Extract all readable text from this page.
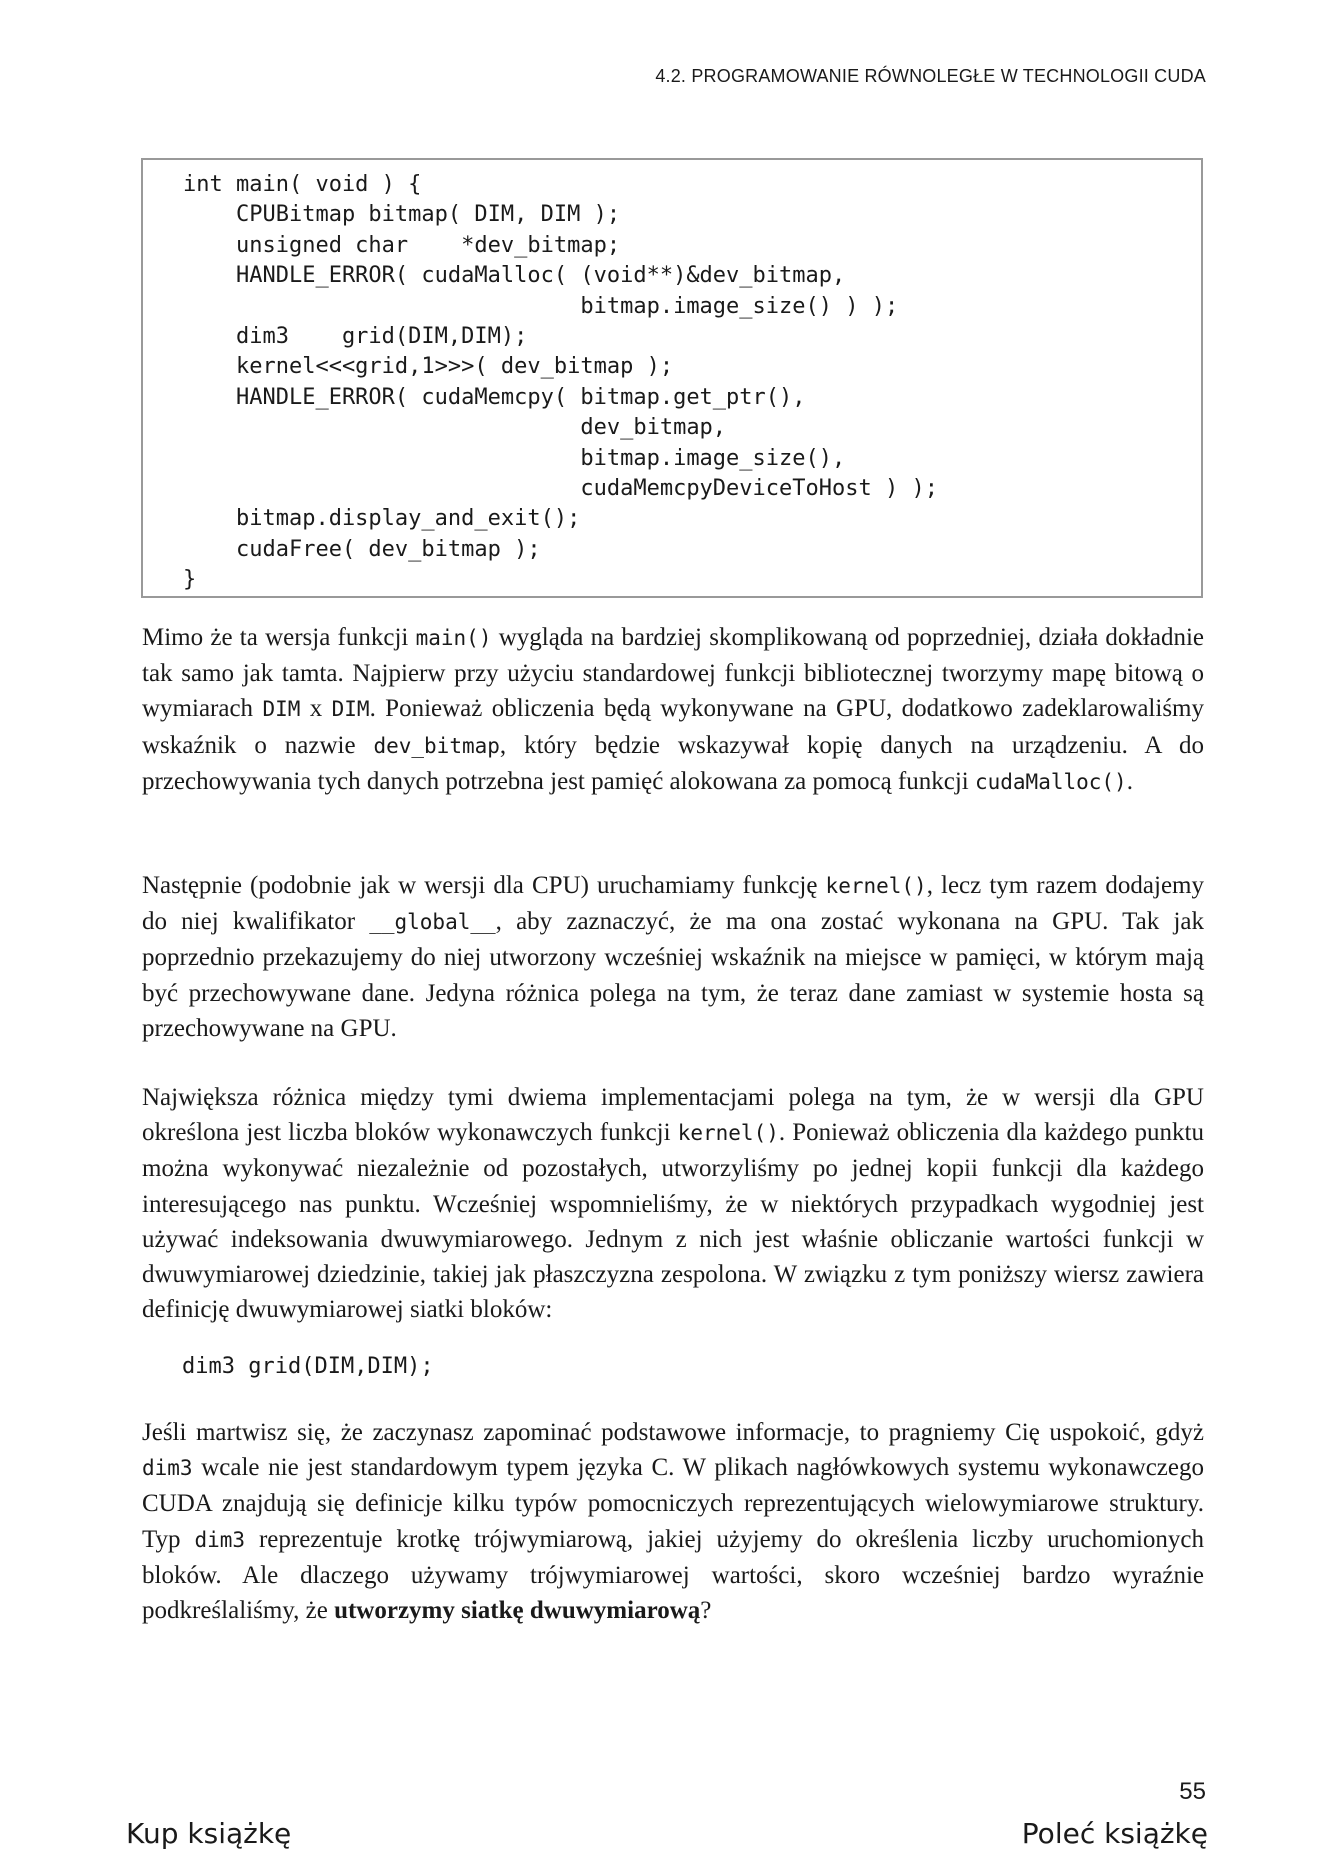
4.2. PROGRAMOWANIE RÓWNOLEGŁE W TECHNOLOGII CUDA
int main( void ) {
CPUBitmap bitmap( DIM, DIM );
unsigned char    *dev_bitmap;
HANDLE_ERROR( cudaMalloc( (void**)&dev_bitmap,
bitmap.image_size() ) );
dim3    grid(DIM,DIM);
kernel<<<grid,1>>>( dev_bitmap );
HANDLE_ERROR( cudaMemcpy( bitmap.get_ptr(),
dev_bitmap,
bitmap.image_size(),
cudaMemcpyDeviceToHost ) );
bitmap.display_and_exit();
cudaFree( dev_bitmap );
}

Mimo że ta wersja funkcji main() wygląda na bardziej skomplikowaną od poprzedniej, działa dokładnie tak samo jak tamta. Najpierw przy użyciu standardowej funkcji bibliotecznej tworzymy mapę bitową o wymiarach DIM x DIM. Ponieważ obliczenia będą wykonywane na GPU, dodatkowo zadeklarowaliśmy wskaźnik o nazwie dev_bitmap, który będzie wskazywał kopię danych na urządzeniu. A do przechowywania tych danych potrzebna jest pamięć alokowana za pomocą funkcji cudaMalloc().

Następnie (podobnie jak w wersji dla CPU) uruchamiamy funkcję kernel(), lecz tym razem dodajemy do niej kwalifikator __global__, aby zaznaczyć, że ma ona zostać wykonana na GPU. Tak jak poprzednio przekazujemy do niej utworzony wcześniej wskaźnik na miejsce w pamięci, w którym mają być przechowywane dane. Jedyna różnica polega na tym, że teraz dane zamiast w systemie hosta są przechowywane na GPU.

Największa różnica między tymi dwiema implementacjami polega na tym, że w wersji dla GPU określona jest liczba bloków wykonawczych funkcji kernel(). Ponieważ obliczenia dla każdego punktu można wykonywać niezależnie od pozostałych, utworzyliśmy po jednej kopii funkcji dla każdego interesującego nas punktu. Wcześniej wspomnieliśmy, że w niektórych przypadkach wygodniej jest używać indeksowania dwuwymiarowego. Jednym z nich jest właśnie obliczanie wartości funkcji w dwuwymiarowej dziedzinie, takiej jak płaszczyzna zespolona. W związku z tym poniższy wiersz zawiera definicję dwuwymiarowej siatki bloków:

dim3 grid(DIM,DIM);

Jeśli martwisz się, że zaczynasz zapominać podstawowe informacje, to pragniemy Cię uspokoić, gdyż dim3 wcale nie jest standardowym typem języka C. W plikach nagłówkowych systemu wykonawczego CUDA znajdują się definicje kilku typów pomocniczych reprezentujących wielowymiarowe struktury. Typ dim3 reprezentuje krotkę trójwymiarową, jakiej użyjemy do określenia liczby uruchomionych bloków. Ale dlaczego używamy trójwymiarowej wartości, skoro wcześniej bardzo wyraźnie podkreślaliśmy, że utworzymy siatkę dwuwymiarową?

55
Kup książkę	Poleć książkę
